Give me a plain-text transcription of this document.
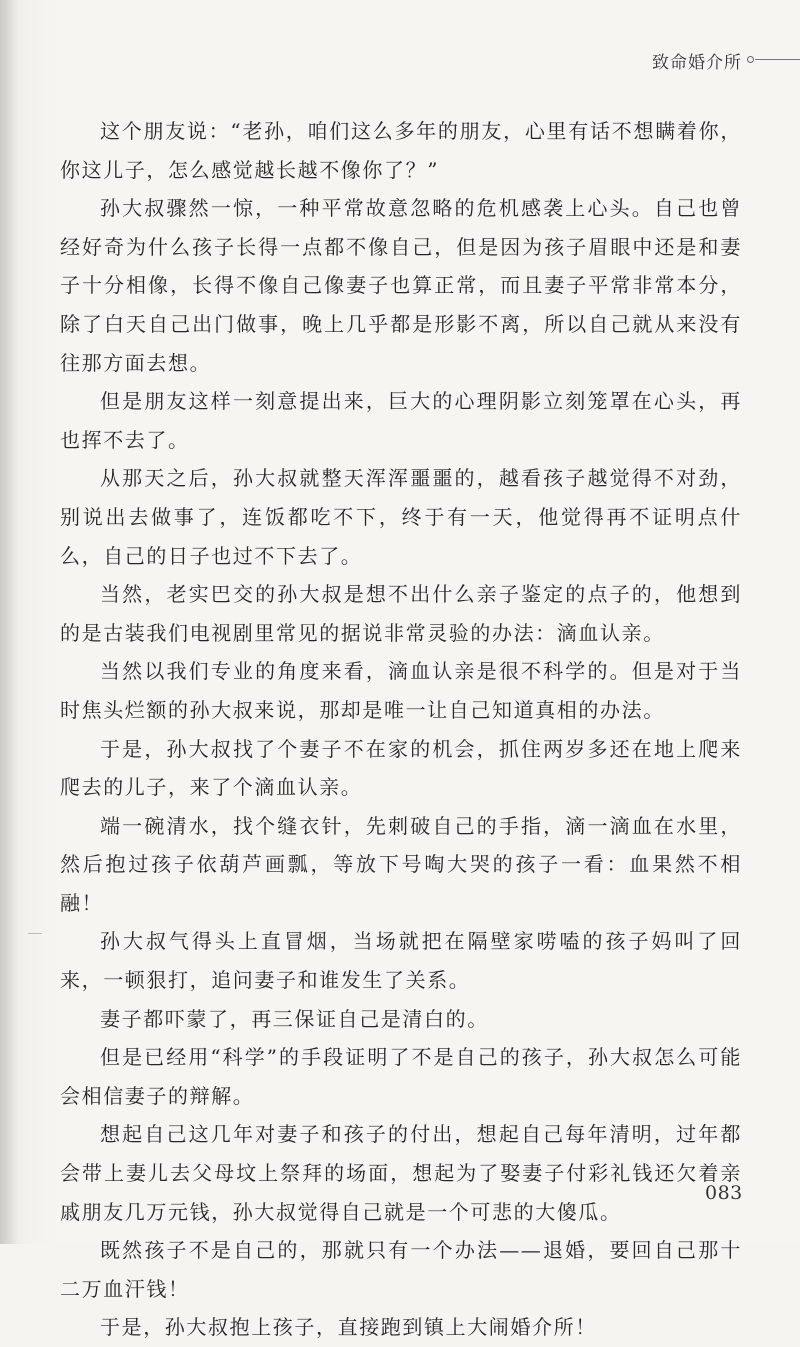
致命婚介所

这个朋友说：“老孙，咱们这么多年的朋友，心里有话不想瞒着你，你这儿子，怎么感觉越长越不像你了？”

孙大叔骤然一惊，一种平常故意忽略的危机感袭上心头。自己也曾经好奇为什么孩子长得一点都不像自己，但是因为孩子眉眼中还是和妻子十分相像，长得不像自己像妻子也算正常，而且妻子平常非常本分，除了白天自己出门做事，晚上几乎都是形影不离，所以自己就从来没有往那方面去想。

但是朋友这样一刻意提出来，巨大的心理阴影立刻笼罩在心头，再也挥不去了。

从那天之后，孙大叔就整天浑浑噩噩的，越看孩子越觉得不对劲，别说出去做事了，连饭都吃不下，终于有一天，他觉得再不证明点什么，自己的日子也过不下去了。

当然，老实巴交的孙大叔是想不出什么亲子鉴定的点子的，他想到的是古装我们电视剧里常见的据说非常灵验的办法：滴血认亲。

当然以我们专业的角度来看，滴血认亲是很不科学的。但是对于当时焦头烂额的孙大叔来说，那却是唯一让自己知道真相的办法。

于是，孙大叔找了个妻子不在家的机会，抓住两岁多还在地上爬来爬去的儿子，来了个滴血认亲。

端一碗清水，找个缝衣针，先刺破自己的手指，滴一滴血在水里，然后抱过孩子依葫芦画瓢，等放下号啕大哭的孩子一看：血果然不相融！

孙大叔气得头上直冒烟，当场就把在隔壁家唠嗑的孩子妈叫了回来，一顿狠打，追问妻子和谁发生了关系。

妻子都吓蒙了，再三保证自己是清白的。

但是已经用“科学”的手段证明了不是自己的孩子，孙大叔怎么可能会相信妻子的辩解。

想起自己这几年对妻子和孩子的付出，想起自己每年清明，过年都会带上妻儿去父母坟上祭拜的场面，想起为了娶妻子付彩礼钱还欠着亲戚朋友几万元钱，孙大叔觉得自己就是一个可悲的大傻瓜。

既然孩子不是自己的，那就只有一个办法——退婚，要回自己那十二万血汗钱！

于是，孙大叔抱上孩子，直接跑到镇上大闹婚介所！

083
